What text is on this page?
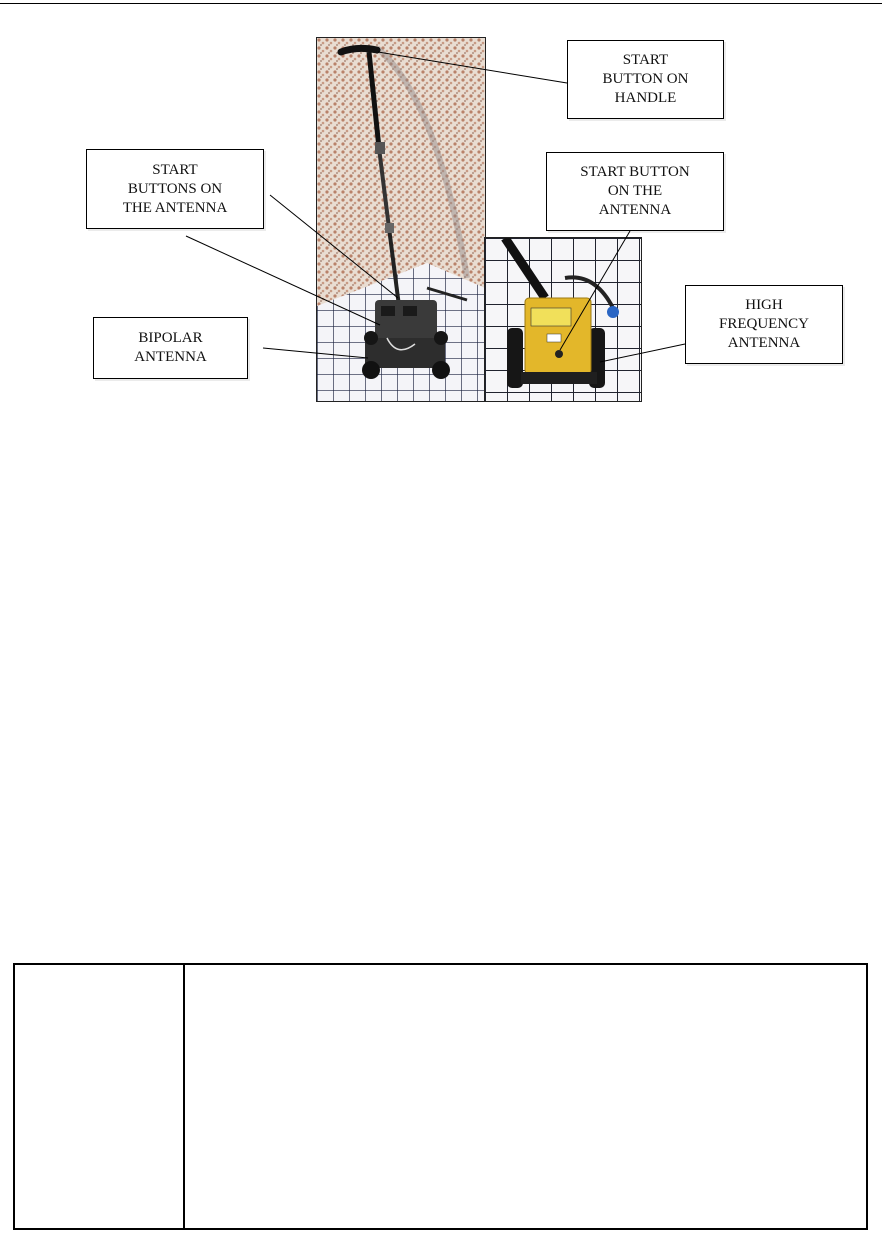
START
BUTTON ON
HANDLE
START
BUTTONS ON
THE ANTENNA
START BUTTON
ON THE
ANTENNA
HIGH
FREQUENCY
ANTENNA
BIPOLAR
ANTENNA
